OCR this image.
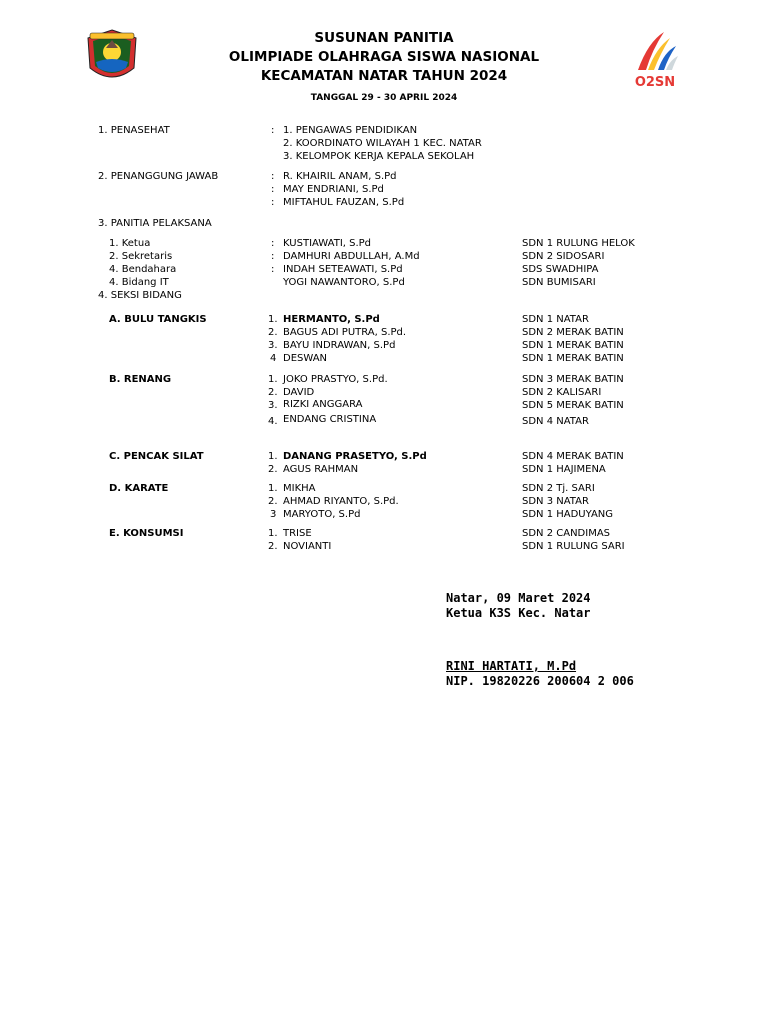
SUSUNAN PANITIA
OLIMPIADE OLAHRAGA SISWA NASIONAL
KECAMATAN NATAR TAHUN 2024
TANGGAL 29 - 30 APRIL 2024
O2SN
1. PENASEHAT	: 1. PENGAWAS PENDIDIKAN
2. KOORDINATO WILAYAH 1 KEC. NATAR
3. KELOMPOK KERJA KEPALA SEKOLAH
2. PENANGGUNG JAWAB	: R. KHAIRIL ANAM, S.Pd
: MAY ENDRIANI, S.Pd
: MIFTAHUL FAUZAN, S.Pd
3. PANITIA PELAKSANA
1. Ketua	: KUSTIAWATI, S.Pd	SDN 1 RULUNG HELOK
2. Sekretaris	: DAMHURI ABDULLAH, A.Md	SDN 2 SIDOSARI
4. Bendahara	: INDAH SETEAWATI, S.Pd	SDS SWADHIPA
4. Bidang IT	YOGI NAWANTORO, S.Pd	SDN BUMISARI
4. SEKSI BIDANG
A. BULU TANGKIS	1. HERMANTO, S.Pd	SDN 1 NATAR
2. BAGUS ADI PUTRA, S.Pd.	SDN 2 MERAK BATIN
3. BAYU INDRAWAN, S.Pd	SDN 1 MERAK BATIN
4 DESWAN	SDN 1 MERAK BATIN
B. RENANG	1. JOKO PRASTYO, S.Pd.	SDN 3 MERAK BATIN
2. DAVID	SDN 2 KALISARI
3. RIZKI ANGGARA	SDN 5 MERAK BATIN
4. ENDANG CRISTINA	SDN 4 NATAR
C. PENCAK SILAT	1. DANANG PRASETYO, S.Pd	SDN 4 MERAK BATIN
2. AGUS RAHMAN	SDN 1 HAJIMENA
D. KARATE	1. MIKHA	SDN 2 Tj. SARI
2. AHMAD RIYANTO, S.Pd.	SDN 3 NATAR
3 MARYOTO, S.Pd	SDN 1 HADUYANG
E. KONSUMSI	1. TRISE	SDN 2 CANDIMAS
2. NOVIANTI	SDN 1 RULUNG SARI
Natar, 09 Maret 2024
Ketua K3S Kec. Natar
RINI HARTATI, M.Pd
NIP. 19820226 200604 2 006
